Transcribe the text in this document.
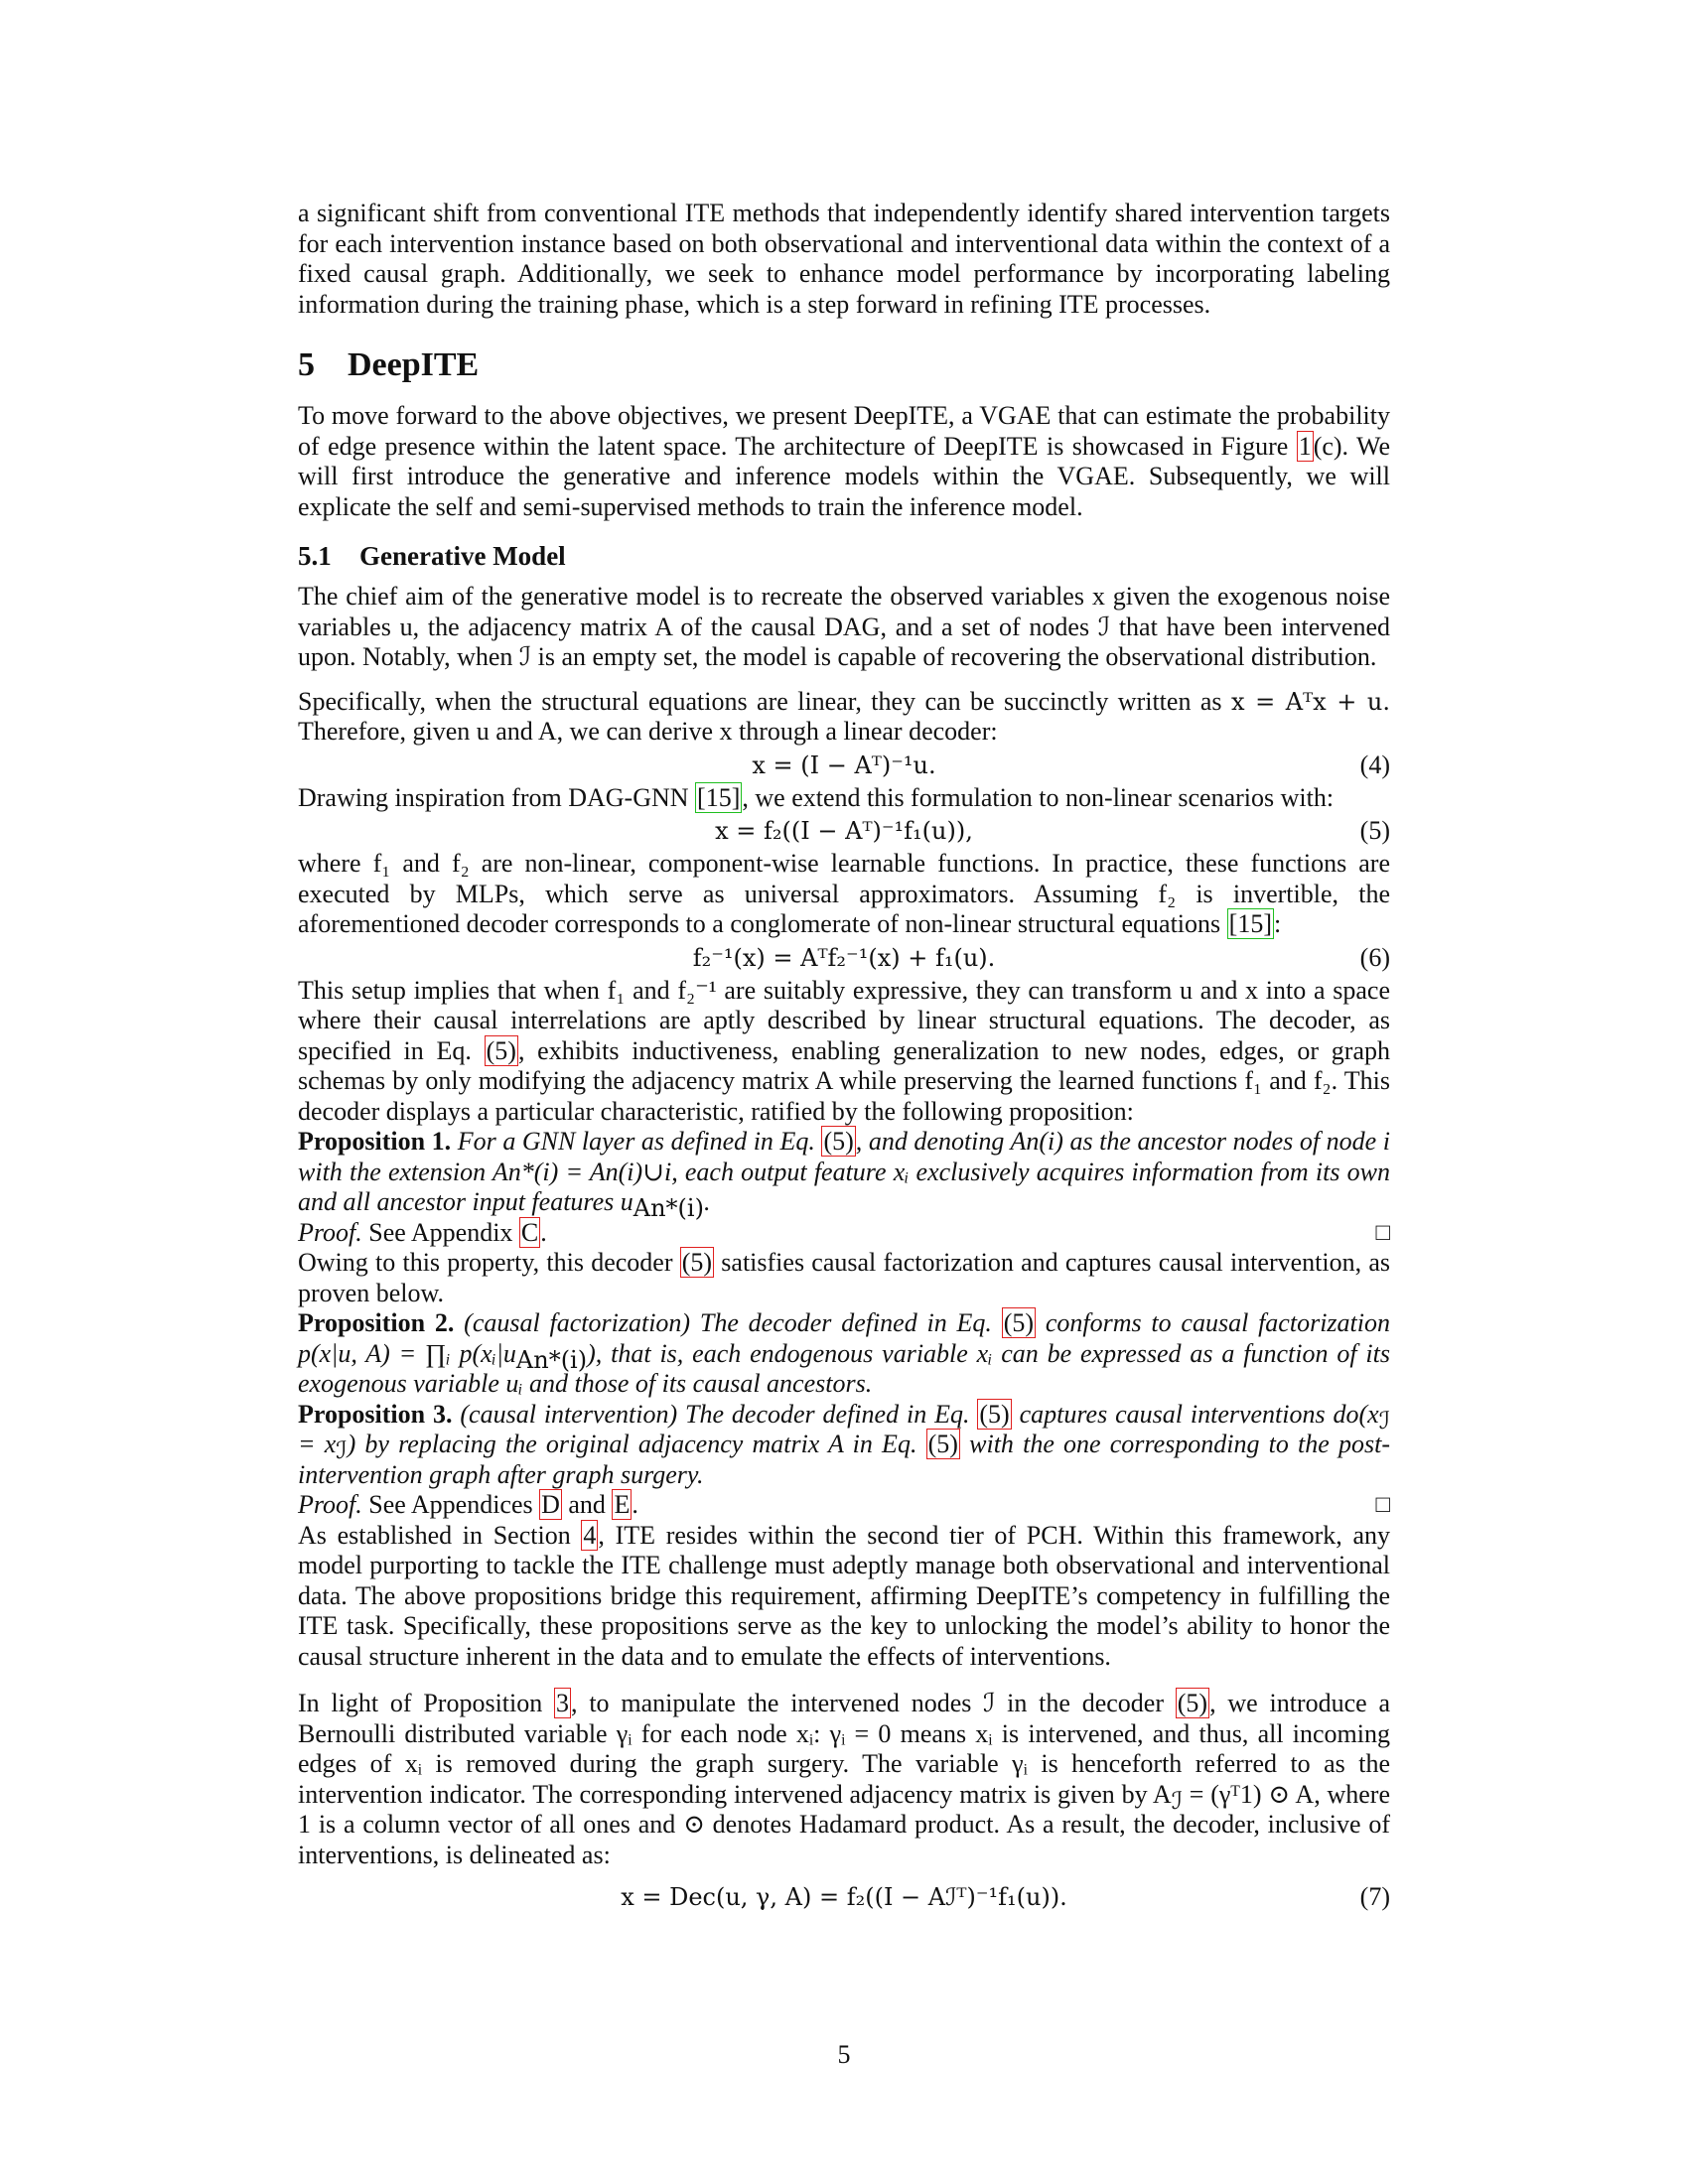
a significant shift from conventional ITE methods that independently identify shared intervention targets for each intervention instance based on both observational and interventional data within the context of a fixed causal graph. Additionally, we seek to enhance model performance by incorporating labeling information during the training phase, which is a step forward in refining ITE processes.

5 DeepITE

To move forward to the above objectives, we present DeepITE, a VGAE that can estimate the probability of edge presence within the latent space. The architecture of DeepITE is showcased in Figure 1(c). We will first introduce the generative and inference models within the VGAE. Subsequently, we will explicate the self and semi-supervised methods to train the inference model.

5.1 Generative Model

The chief aim of the generative model is to recreate the observed variables x given the exogenous noise variables u, the adjacency matrix A of the causal DAG, and a set of nodes ℐ that have been intervened upon. Notably, when ℐ is an empty set, the model is capable of recovering the observational distribution.

Specifically, when the structural equations are linear, they can be succinctly written as x = Aᵀx + u. Therefore, given u and A, we can derive x through a linear decoder:

x = (I − Aᵀ)⁻¹u.	(4)

Drawing inspiration from DAG-GNN [15], we extend this formulation to non-linear scenarios with:

x = f₂((I − Aᵀ)⁻¹f₁(u)),	(5)

where f₁ and f₂ are non-linear, component-wise learnable functions. In practice, these functions are executed by MLPs, which serve as universal approximators. Assuming f₂ is invertible, the aforementioned decoder corresponds to a conglomerate of non-linear structural equations [15]:

f₂⁻¹(x) = Aᵀf₂⁻¹(x) + f₁(u).	(6)

This setup implies that when f₁ and f₂⁻¹ are suitably expressive, they can transform u and x into a space where their causal interrelations are aptly described by linear structural equations. The decoder, as specified in Eq. (5), exhibits inductiveness, enabling generalization to new nodes, edges, or graph schemas by only modifying the adjacency matrix A while preserving the learned functions f₁ and f₂. This decoder displays a particular characteristic, ratified by the following proposition:

Proposition 1. For a GNN layer as defined in Eq. (5), and denoting An(i) as the ancestor nodes of node i with the extension An*(i) = An(i)∪i, each output feature xᵢ exclusively acquires information from its own and all ancestor input features $u_{An*(i)}$.

Proof. See Appendix C.	□

Owing to this property, this decoder (5) satisfies causal factorization and captures causal intervention, as proven below.

Proposition 2. (causal factorization) The decoder defined in Eq. (5) conforms to causal factorization p(x|u, A) = ∏ᵢ $p(xᵢ|u_{An*(i)})$, that is, each endogenous variable xᵢ can be expressed as a function of its exogenous variable uᵢ and those of its causal ancestors.

Proposition 3. (causal intervention) The decoder defined in Eq. (5) captures causal interventions $do(x_ℐ = x_ℐ)$ by replacing the original adjacency matrix A in Eq. (5) with the one corresponding to the post-intervention graph after graph surgery.

Proof. See Appendices D and E.	□

As established in Section 4, ITE resides within the second tier of PCH. Within this framework, any model purporting to tackle the ITE challenge must adeptly manage both observational and interventional data. The above propositions bridge this requirement, affirming DeepITE’s competency in fulfilling the ITE task. Specifically, these propositions serve as the key to unlocking the model’s ability to honor the causal structure inherent in the data and to emulate the effects of interventions.

In light of Proposition 3, to manipulate the intervened nodes ℐ in the decoder (5), we introduce a Bernoulli distributed variable γᵢ for each node xᵢ: γᵢ = 0 means xᵢ is intervened, and thus, all incoming edges of xᵢ is removed during the graph surgery. The variable γᵢ is henceforth referred to as the intervention indicator. The corresponding intervened adjacency matrix is given by $A_ℐ$ = (γᵀ1) ⊙ A, where 1 is a column vector of all ones and ⊙ denotes Hadamard product. As a result, the decoder, inclusive of interventions, is delineated as:

x = Dec(u, γ, A) = f₂((I − Aℐᵀ)⁻¹f₁(u)).	(7)
5
